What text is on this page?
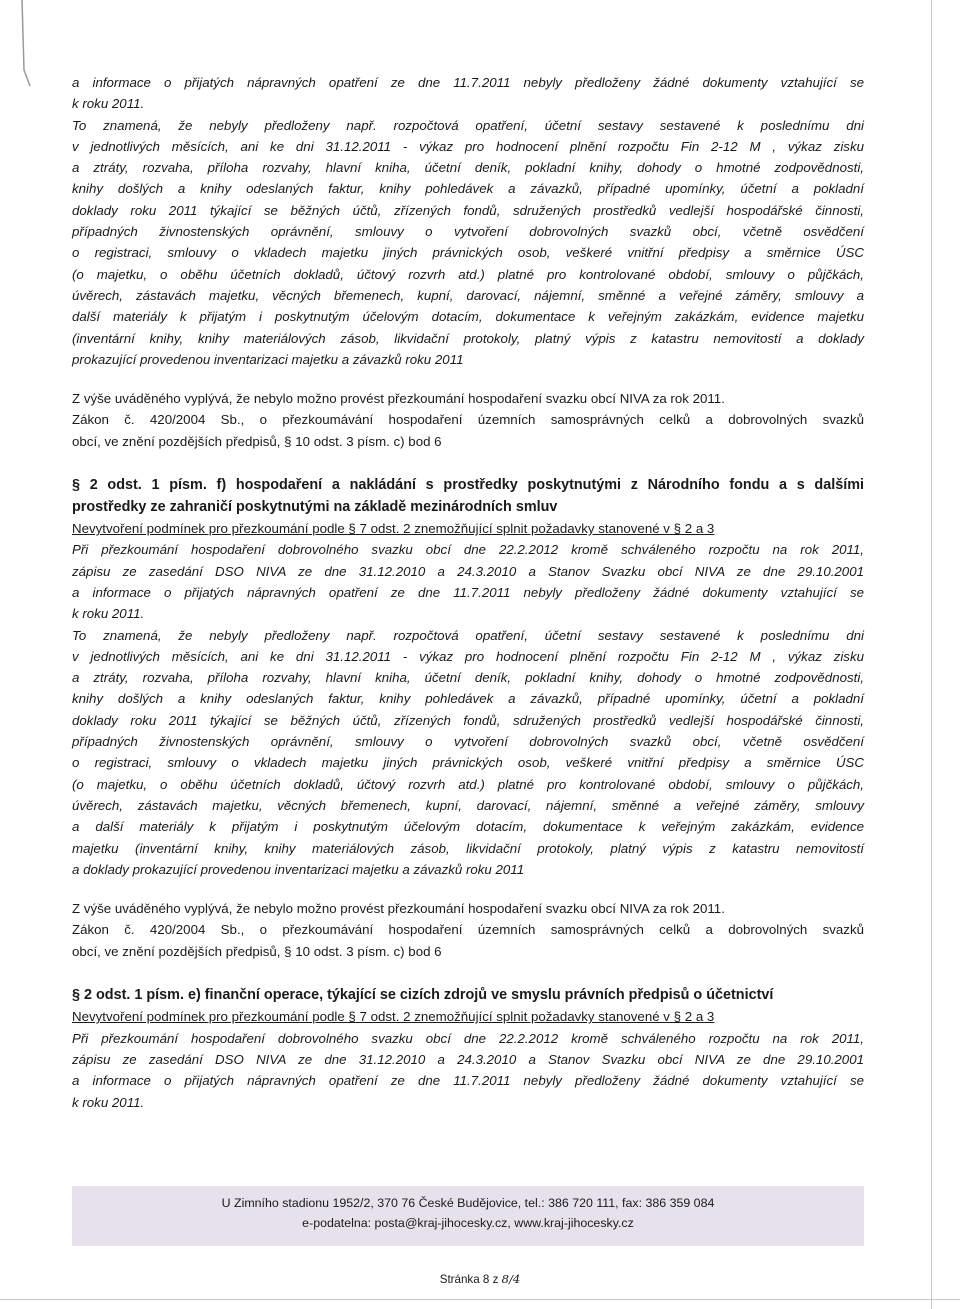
a informace o přijatých nápravných opatření ze dne 11.7.2011 nebyly předloženy žádné dokumenty vztahující se

k roku 2011.

To znamená, že nebyly předloženy např. rozpočtová opatření, účetní sestavy sestavené k poslednímu dni

v jednotlivých měsících, ani ke dni 31.12.2011 - výkaz pro hodnocení plnění rozpočtu Fin 2-12 M , výkaz zisku

a ztráty, rozvaha, příloha rozvahy, hlavní kniha, účetní deník, pokladní knihy, dohody o hmotné zodpovědnosti,

knihy došlých a knihy odeslaných faktur, knihy pohledávek a závazků, případné upomínky, účetní a pokladní

doklady roku 2011 týkající se běžných účtů, zřízených fondů, sdružených prostředků vedlejší hospodářské činnosti,

případných živnostenských oprávnění, smlouvy o vytvoření dobrovolných svazků obcí, včetně osvědčení

o registraci, smlouvy o vkladech majetku jiných právnických osob, veškeré vnitřní předpisy a směrnice ÚSC

(o majetku, o oběhu účetních dokladů, účtový rozvrh atd.) platné pro kontrolované období, smlouvy o půjčkách,

úvěrech, zástavách majetku, věcných břemenech, kupní, darovací, nájemní, směnné a veřejné záměry, smlouvy a

další materiály k přijatým i poskytnutým účelovým dotacím, dokumentace k veřejným zakázkám, evidence majetku

(inventární knihy, knihy materiálových zásob, likvidační protokoly, platný výpis z katastru nemovitostí a doklady

prokazující provedenou inventarizaci majetku a závazků roku 2011

Z výše uváděného vyplývá, že nebylo možno provést přezkoumání hospodaření svazku obcí NIVA za rok 2011.

Zákon č. 420/2004 Sb., o přezkoumávání hospodaření územních samosprávných celků a dobrovolných svazků

obcí, ve znění pozdějších předpisů, § 10 odst. 3 písm. c) bod 6

§ 2 odst. 1 písm. f) hospodaření a nakládání s prostředky poskytnutými z Národního fondu a s dalšími

prostředky ze zahraničí poskytnutými na základě mezinárodních smluv

Nevytvoření podmínek pro přezkoumání podle § 7 odst. 2 znemožňující splnit požadavky stanovené v § 2 a 3

Při přezkoumání hospodaření dobrovolného svazku obcí dne 22.2.2012 kromě schváleného rozpočtu na rok 2011,

zápisu ze zasedání DSO NIVA ze dne 31.12.2010 a 24.3.2010 a Stanov Svazku obcí NIVA ze dne 29.10.2001

a informace o přijatých nápravných opatření ze dne 11.7.2011 nebyly předloženy žádné dokumenty vztahující se

k roku 2011.

To znamená, že nebyly předloženy např. rozpočtová opatření, účetní sestavy sestavené k poslednímu dni

v jednotlivých měsících, ani ke dni 31.12.2011 - výkaz pro hodnocení plnění rozpočtu Fin 2-12 M , výkaz zisku

a ztráty, rozvaha, příloha rozvahy, hlavní kniha, účetní deník, pokladní knihy, dohody o hmotné zodpovědnosti,

knihy došlých a knihy odeslaných faktur, knihy pohledávek a závazků, případné upomínky, účetní a pokladní

doklady roku 2011 týkající se běžných účtů, zřízených fondů, sdružených prostředků vedlejší hospodářské činnosti,

případných živnostenských oprávnění, smlouvy o vytvoření dobrovolných svazků obcí, včetně osvědčení

o registraci, smlouvy o vkladech majetku jiných právnických osob, veškeré vnitřní předpisy a směrnice ÚSC

(o majetku, o oběhu účetních dokladů, účtový rozvrh atd.) platné pro kontrolované období, smlouvy o půjčkách,

úvěrech, zástavách majetku, věcných břemenech, kupní, darovací, nájemní, směnné a veřejné záměry, smlouvy

a další materiály k přijatým i poskytnutým účelovým dotacím, dokumentace k veřejným zakázkám, evidence

majetku (inventární knihy, knihy materiálových zásob, likvidační protokoly, platný výpis z katastru nemovitostí

a doklady prokazující provedenou inventarizaci majetku a závazků roku 2011

Z výše uváděného vyplývá, že nebylo možno provést přezkoumání hospodaření svazku obcí NIVA za rok 2011.

Zákon č. 420/2004 Sb., o přezkoumávání hospodaření územních samosprávných celků a dobrovolných svazků

obcí, ve znění pozdějších předpisů, § 10 odst. 3 písm. c) bod 6

§ 2 odst. 1 písm. e) finanční operace, týkající se cizích zdrojů ve smyslu právních předpisů o účetnictví

Nevytvoření podmínek pro přezkoumání podle § 7 odst. 2 znemožňující splnit požadavky stanovené v § 2 a 3

Při přezkoumání hospodaření dobrovolného svazku obcí dne 22.2.2012 kromě schváleného rozpočtu na rok 2011,

zápisu ze zasedání DSO NIVA ze dne 31.12.2010 a 24.3.2010 a Stanov Svazku obcí NIVA ze dne 29.10.2001

a informace o přijatých nápravných opatření ze dne 11.7.2011 nebyly předloženy žádné dokumenty vztahující se

k roku 2011.

U Zimního stadionu 1952/2, 370 76 České Budějovice, tel.: 386 720 111, fax: 386 359 084
e-podatelna: posta@kraj-jihocesky.cz, www.kraj-jihocesky.cz
Stránka 8 z 8/4
